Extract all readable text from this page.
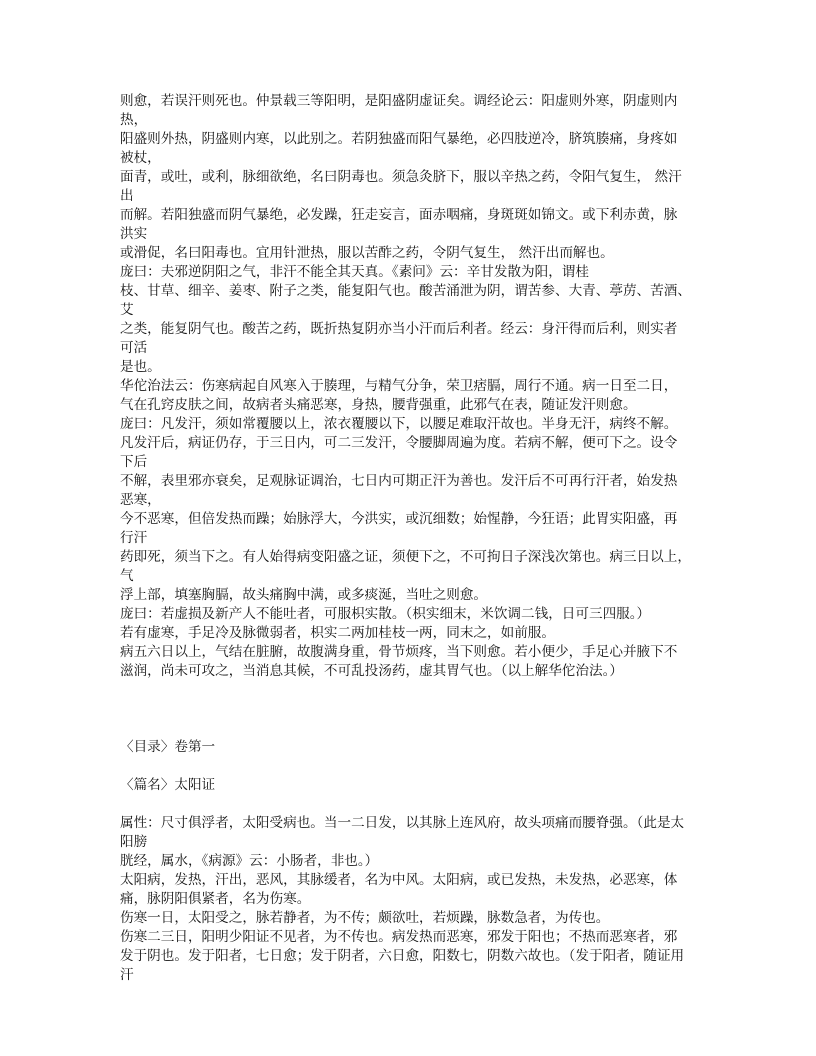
则愈，若误汗则死也。仲景载三等阳明，是阳盛阴虚证矣。调经论云：阳虚则外寒，阴虚则内
热，
阳盛则外热，阴盛则内寒，以此别之。若阴独盛而阳气暴绝，必四肢逆冷，脐筑腠痛，身疼如
被杖，
面青，或吐，或利，脉细欲绝，名曰阴毒也。须急灸脐下，服以辛热之药，令阳气复生， 然汗
出
而解。若阳独盛而阴气暴绝，必发躁，狂走妄言，面赤咽痛，身斑斑如锦文。或下利赤黄，脉
洪实
或滑促，名曰阳毒也。宜用针泄热，服以苦酢之药，令阴气复生， 然汗出而解也。
庞曰：夫邪逆阴阳之气，非汗不能全其天真。《素问》云：辛甘发散为阳，谓桂
枝、甘草、细辛、姜枣、附子之类，能复阳气也。酸苦涌泄为阴，谓苦参、大青、葶苈、苦酒、
艾
之类，能复阴气也。酸苦之药，既折热复阴亦当小汗而后利者。经云：身汗得而后利，则实者
可活
是也。
华佗治法云：伤寒病起自风寒入于腠理，与精气分争，荣卫痞膈，周行不通。病一日至二日，
气在孔窍皮肤之间，故病者头痛恶寒，身热，腰背强重，此邪气在表，随证发汗则愈。
庞曰：凡发汗，须如常覆腰以上，浓衣覆腰以下，以腰足难取汗故也。半身无汗，病终不解。
凡发汗后，病证仍存，于三日内，可二三发汗，令腰脚周遍为度。若病不解，便可下之。设令
下后
不解，表里邪亦衰矣，足观脉证调治，七日内可期正汗为善也。发汗后不可再行汗者，始发热
恶寒，
今不恶寒，但倍发热而躁；始脉浮大，今洪实，或沉细数；始惺静，今狂语；此胃实阳盛，再
行汗
药即死，须当下之。有人始得病变阳盛之证，须便下之，不可拘日子深浅次第也。病三日以上，
气
浮上部，填塞胸膈，故头痛胸中满，或多痰涎，当吐之则愈。
庞曰：若虚损及新产人不能吐者，可服枳实散。（枳实细末，米饮调二钱，日可三四服。）
若有虚寒，手足冷及脉微弱者，枳实二两加桂枝一两，同末之，如前服。
病五六日以上，气结在脏腑，故腹满身重，骨节烦疼，当下则愈。若小便少，手足心并腋下不
滋润，尚未可攻之，当消息其候，不可乱投汤药，虚其胃气也。（以上解华佗治法。）
〈目录〉卷第一
〈篇名〉太阳证
属性：尺寸俱浮者，太阳受病也。当一二日发，以其脉上连风府，故头项痛而腰脊强。（此是太
阳膀
胱经，属水，《病源》云：小肠者，非也。）
太阳病，发热，汗出，恶风，其脉缓者，名为中风。太阳病，或已发热，未发热，必恶寒，体
痛，脉阴阳俱紧者，名为伤寒。
伤寒一日，太阳受之，脉若静者，为不传；颇欲吐，若烦躁，脉数急者，为传也。
伤寒二三日，阳明少阳证不见者，为不传也。病发热而恶寒，邪发于阳也；不热而恶寒者，邪
发于阴也。发于阳者，七日愈；发于阴者，六日愈，阳数七，阴数六故也。（发于阳者，随证用
汗
